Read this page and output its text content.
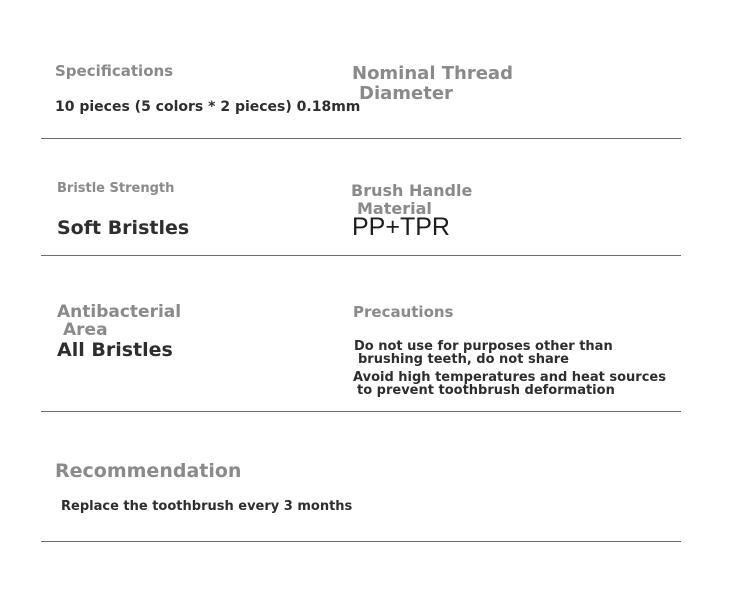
Specifications
10 pieces (5 colors * 2 pieces) 0.18mm
Nominal Thread
Diameter
Bristle Strength
Soft Bristles
Brush Handle
Material
PP+TPR
Antibacterial
Area
All Bristles
Precautions
Do not use for purposes other than
brushing teeth, do not share
Avoid high temperatures and heat sources
to prevent toothbrush deformation
Recommendation
Replace the toothbrush every 3 months
